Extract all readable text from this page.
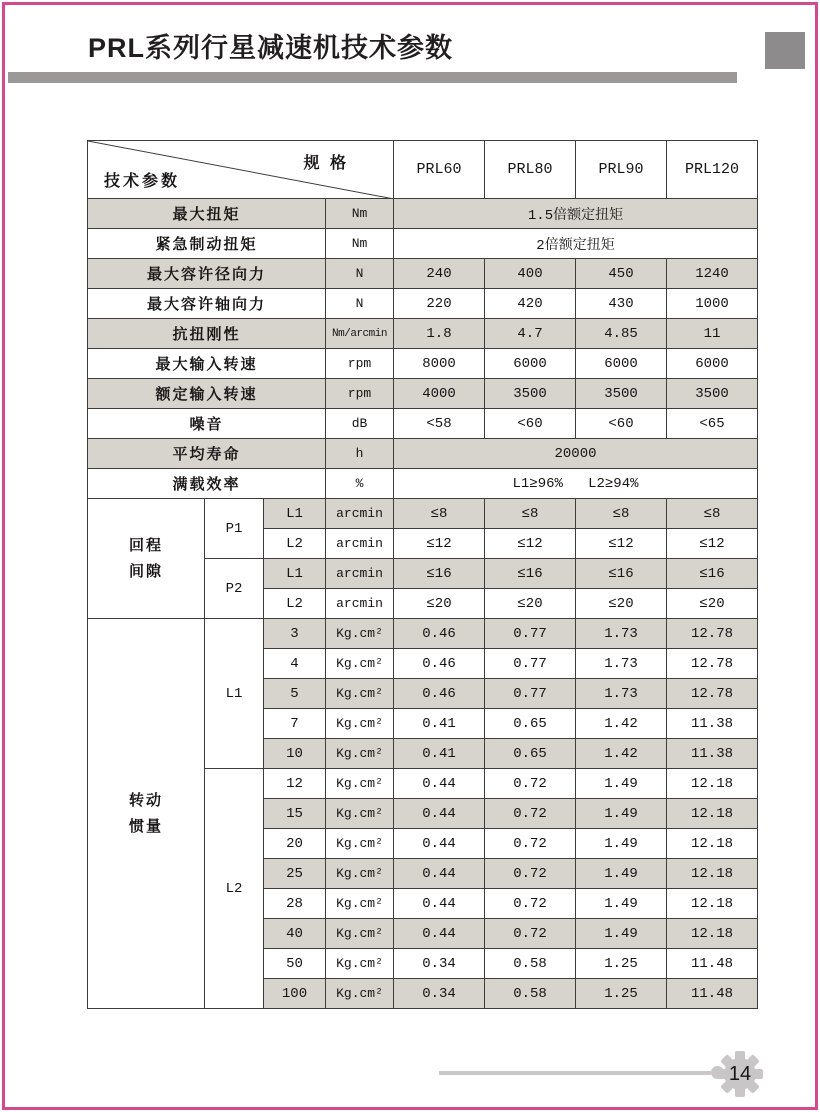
PRL系列行星减速机技术参数
规 格
技术参数				PRL60	PRL80	PRL90	PRL120
最大扭矩			Nm	1.5倍额定扭矩			
紧急制动扭矩			Nm	2倍额定扭矩			
最大容许径向力			N	240	400	450	1240
最大容许轴向力			N	220	420	430	1000
抗扭刚性			Nm/arcmin	1.8	4.7	4.85	11
最大输入转速			rpm	8000	6000	6000	6000
额定输入转速			rpm	4000	3500	3500	3500
噪音			dB	<58	<60	<60	<65
平均寿命			h	20000			
满载效率			%	L1≥96%   L2≥94%			

回程
间隙	P1	L1	arcmin	≤8	≤8	≤8	≤8
		L2	arcmin	≤12	≤12	≤12	≤12
	P2	L1	arcmin	≤16	≤16	≤16	≤16
		L2	arcmin	≤20	≤20	≤20	≤20

转动
惯量	L1	3	Kg.cm²	0.46	0.77	1.73	12.78
		4	Kg.cm²	0.46	0.77	1.73	12.78
		5	Kg.cm²	0.46	0.77	1.73	12.78
		7	Kg.cm²	0.41	0.65	1.42	11.38
		10	Kg.cm²	0.41	0.65	1.42	11.38
	L2	12	Kg.cm²	0.44	0.72	1.49	12.18
		15	Kg.cm²	0.44	0.72	1.49	12.18
		20	Kg.cm²	0.44	0.72	1.49	12.18
		25	Kg.cm²	0.44	0.72	1.49	12.18
		28	Kg.cm²	0.44	0.72	1.49	12.18
		40	Kg.cm²	0.44	0.72	1.49	12.18
		50	Kg.cm²	0.34	0.58	1.25	11.48
		100	Kg.cm²	0.34	0.58	1.25	11.48
14
